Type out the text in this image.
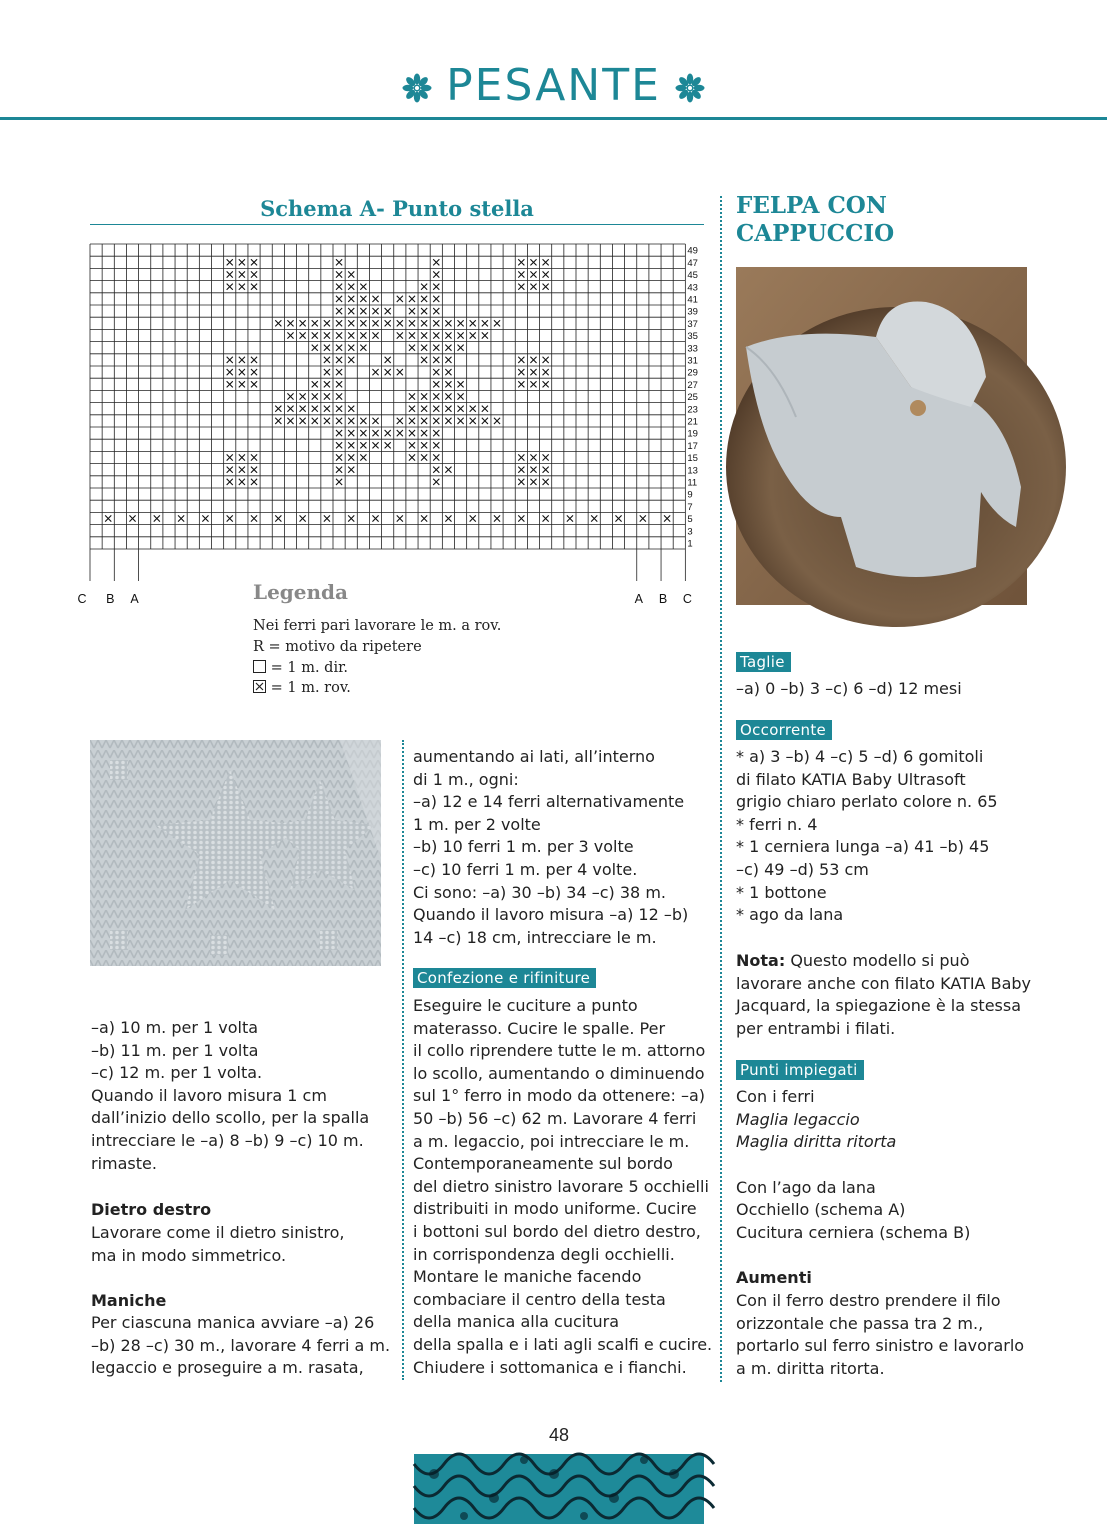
PESANTE
Schema A- Punto stella
49
47
45
43
41
39
37
35
33
31
29
27
25
23
21
19
17
15
13
11
9
7
5
3
1
C B A	A B C
Legenda
Nei ferri pari lavorare le m. a rov.
R = motivo da ripetere
= 1 m. dir.
= 1 m. rov.
–a) 10 m. per 1 volta
–b) 11 m. per 1 volta
–c) 12 m. per 1 volta.
Quando il lavoro misura 1 cm
dall’inizio dello scollo, per la spalla
intrecciare le –a) 8 –b) 9 –c) 10 m.
rimaste.
Dietro destro
Lavorare come il dietro sinistro,
ma in modo simmetrico.
Maniche
Per ciascuna manica avviare –a) 26
–b) 28 –c) 30 m., lavorare 4 ferri a m.
legaccio e proseguire a m. rasata,
aumentando ai lati, all’interno
di 1 m., ogni:
–a) 12 e 14 ferri alternativamente
1 m. per 2 volte
–b) 10 ferri 1 m. per 3 volte
–c) 10 ferri 1 m. per 4 volte.
Ci sono: –a) 30 –b) 34 –c) 38 m.
Quando il lavoro misura –a) 12 –b)
14 –c) 18 cm, intrecciare le m.
Confezione e rifiniture
Eseguire le cuciture a punto
materasso. Cucire le spalle. Per
il collo riprendere tutte le m. attorno
lo scollo, aumentando o diminuendo
sul 1° ferro in modo da ottenere: –a)
50 –b) 56 –c) 62 m. Lavorare 4 ferri
a m. legaccio, poi intrecciare le m.
Contemporaneamente sul bordo
del dietro sinistro lavorare 5 occhielli
distribuiti in modo uniforme. Cucire
i bottoni sul bordo del dietro destro,
in corrispondenza degli occhielli.
Montare le maniche facendo
combaciare il centro della testa
della manica alla cucitura
della spalla e i lati agli scalfi e cucire.
Chiudere i sottomanica e i fianchi.
FELPA CON
CAPPUCCIO
Taglie
–a) 0 –b) 3 –c) 6 –d) 12 mesi
Occorrente
* a) 3 –b) 4 –c) 5 –d) 6 gomitoli
di filato KATIA Baby Ultrasoft
grigio chiaro perlato colore n. 65
* ferri n. 4
* 1 cerniera lunga –a) 41 –b) 45
–c) 49 –d) 53 cm
* 1 bottone
* ago da lana
Nota: Questo modello si può
lavorare anche con filato KATIA Baby
Jacquard, la spiegazione è la stessa
per entrambi i filati.
Punti impiegati
Con i ferri
Maglia legaccio
Maglia diritta ritorta
Con l’ago da lana
Occhiello (schema A)
Cucitura cerniera (schema B)
Aumenti
Con il ferro destro prendere il filo
orizzontale che passa tra 2 m.,
portarlo sul ferro sinistro e lavorarlo
a m. diritta ritorta.
48
